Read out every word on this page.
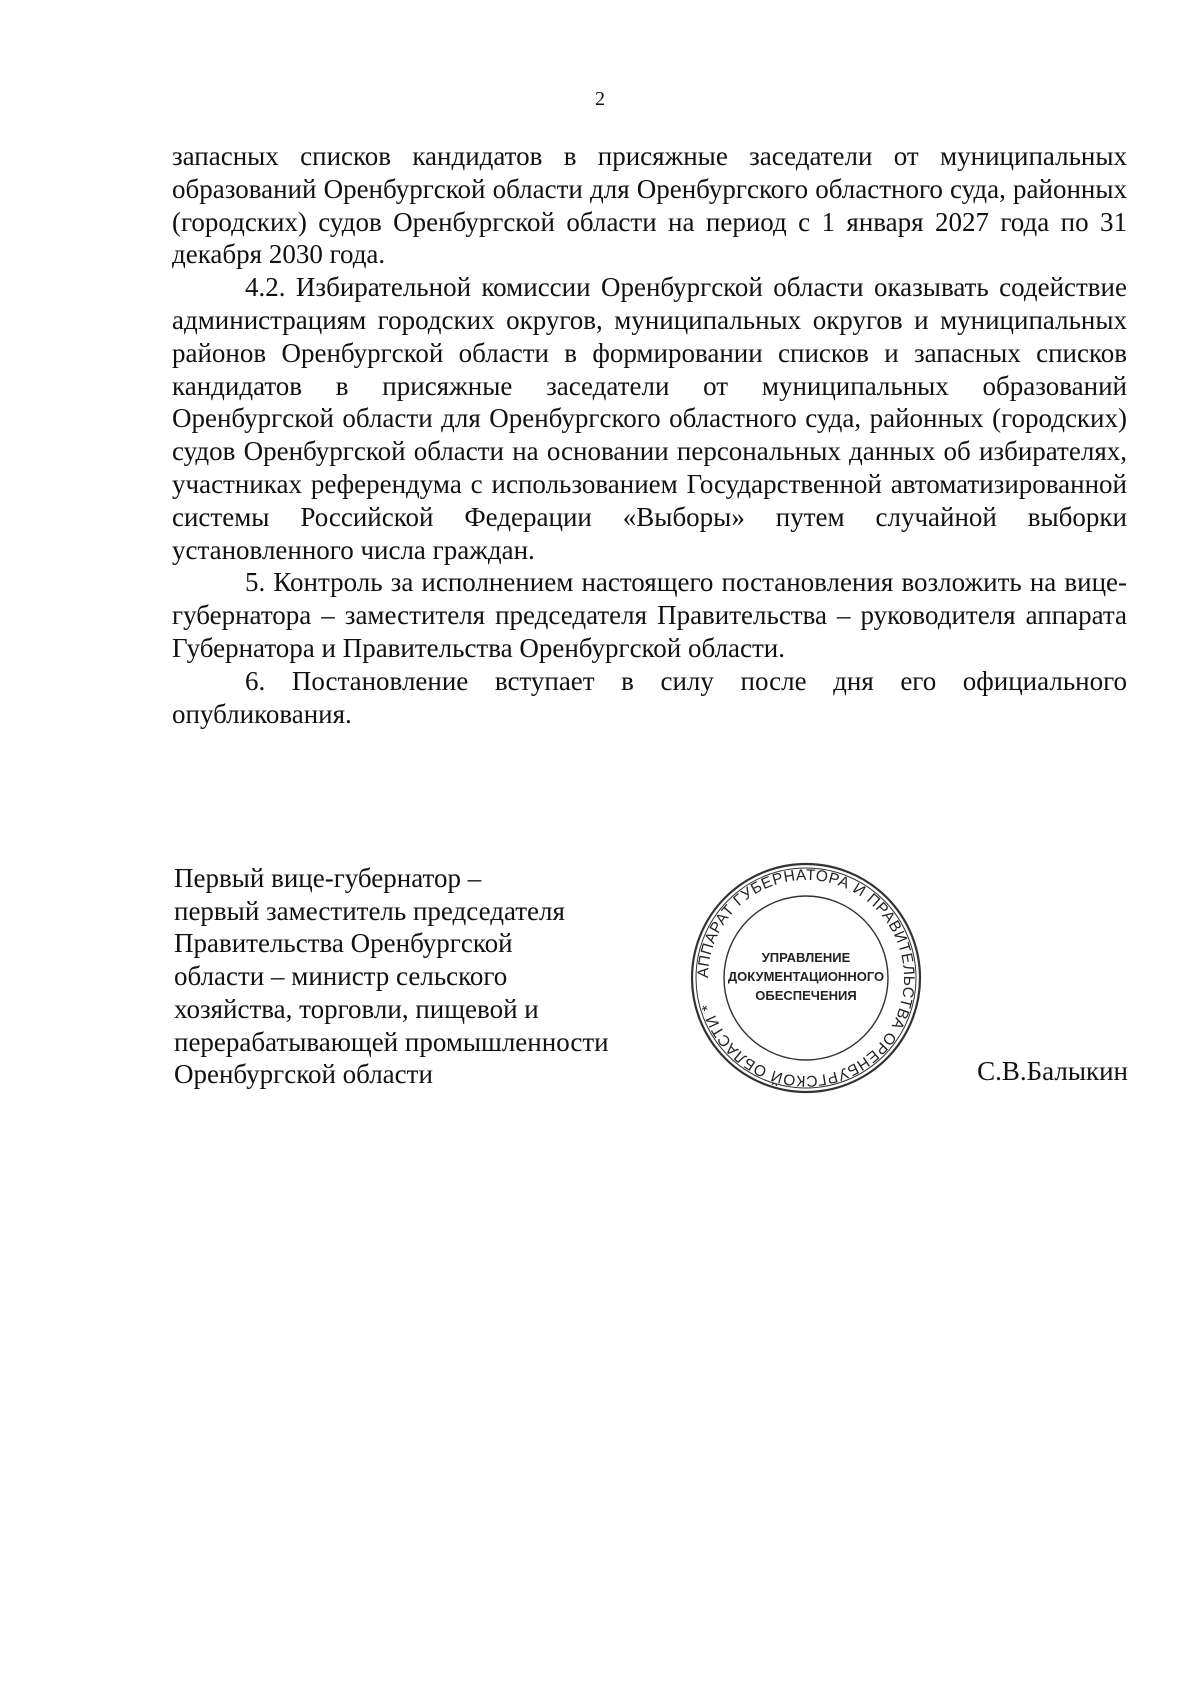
2

запасных списков кандидатов в присяжные заседатели от муниципальных образований Оренбургской области для Оренбургского областного суда, районных (городских) судов Оренбургской области на период с 1 января 2027 года по 31 декабря 2030 года.

4.2. Избирательной комиссии Оренбургской области оказывать содействие администрациям городских округов, муниципальных округов и муниципальных районов Оренбургской области в формировании списков и запасных списков кандидатов в присяжные заседатели от муниципальных образований Оренбургской области для Оренбургского областного суда, районных (городских) судов Оренбургской области на основании персональных данных об избирателях, участниках референдума с использованием Государственной автоматизированной системы Российской Федерации «Выборы» путем случайной выборки установленного числа граждан.

5. Контроль за исполнением настоящего постановления возложить на вице-губернатора – заместителя председателя Правительства – руководителя аппарата Губернатора и Правительства Оренбургской области.

6. Постановление вступает в силу после дня его официального опубликования.

Первый вице-губернатор –
первый заместитель председателя
Правительства Оренбургской
области – министр сельского
хозяйства, торговли, пищевой и
перерабатывающей промышленности
Оренбургской области
АППАРАТ ГУБЕРНАТОРА И ПРАВИТЕЛЬСТВА ОРЕНБУРГСКОЙ ОБЛАСТИ *
УПРАВЛЕНИЕ
ДОКУМЕНТАЦИОННОГО
ОБЕСПЕЧЕНИЯ
С.В.Балыкин
